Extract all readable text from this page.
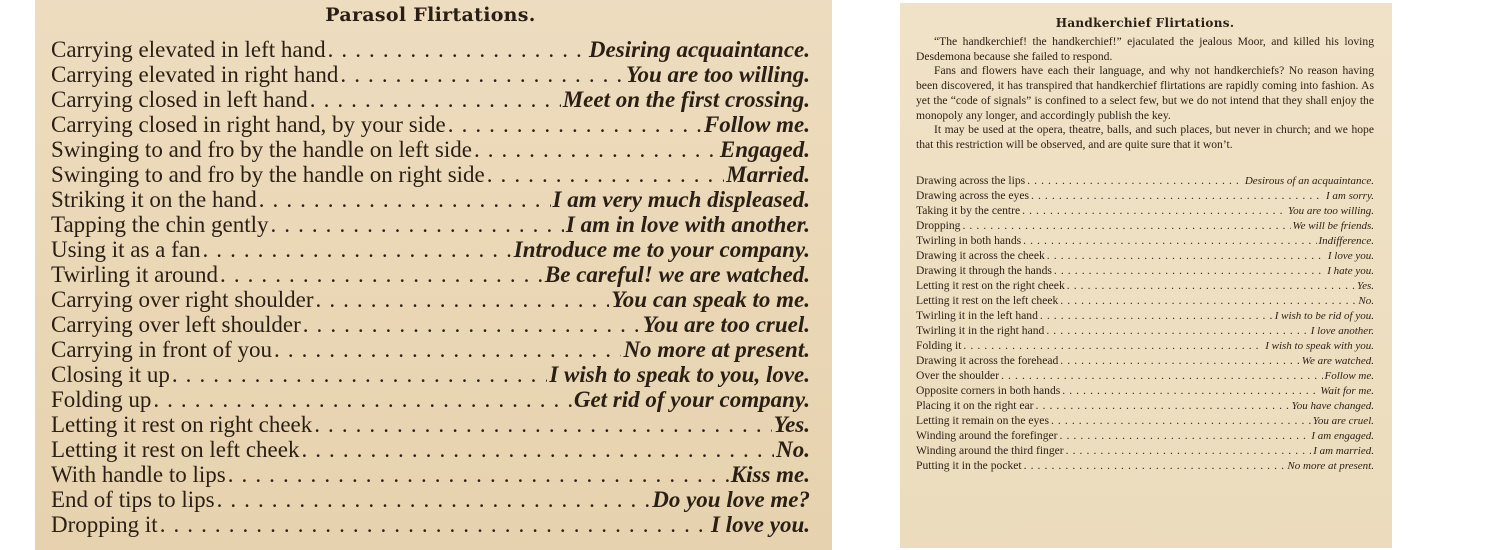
Parasol Flirtations.
Carrying elevated in left hand .....	Desiring acquaintance.
Carrying elevated in right hand .....	You are too willing.
Carrying closed in left hand .....	Meet on the first crossing.
Carrying closed in right hand, by your side .....	Follow me.
Swinging to and fro by the handle on left side .....	Engaged.
Swinging to and fro by the handle on right side .....	Married.
Striking it on the hand .....	I am very much displeased.
Tapping the chin gently .....	I am in love with another.
Using it as a fan .....	Introduce me to your company.
Twirling it around .....	Be careful! we are watched.
Carrying over right shoulder .....	You can speak to me.
Carrying over left shoulder .....	You are too cruel.
Carrying in front of you .....	No more at present.
Closing it up .....	I wish to speak to you, love.
Folding up .....	Get rid of your company.
Letting it rest on right cheek .....	Yes.
Letting it rest on left cheek .....	No.
With handle to lips .....	Kiss me.
End of tips to lips .....	Do you love me?
Dropping it .....	I love you.
Handkerchief Flirtations.

“The handkerchief! the handkerchief!” ejaculated the jealous Moor, and killed his loving Desdemona because she failed to respond.

Fans and flowers have each their language, and why not handkerchiefs? No reason having been discovered, it has transpired that handkerchief flirtations are rapidly coming into fashion. As yet the “code of signals” is confined to a select few, but we do not intend that they shall enjoy the monopoly any longer, and accordingly publish the key.

It may be used at the opera, theatre, balls, and such places, but never in church; and we hope that this restriction will be observed, and are quite sure that it won’t.

Drawing across the lips .....	Desirous of an acquaintance.
Drawing across the eyes .....	I am sorry.
Taking it by the centre .....	You are too willing.
Dropping .....	We will be friends.
Twirling in both hands .....	Indifference.
Drawing it across the cheek .....	I love you.
Drawing it through the hands .....	I hate you.
Letting it rest on the right cheek .....	Yes.
Letting it rest on the left cheek .....	No.
Twirling it in the left hand .....	I wish to be rid of you.
Twirling it in the right hand .....	I love another.
Folding it .....	I wish to speak with you.
Drawing it across the forehead .....	We are watched.
Over the shoulder .....	Follow me.
Opposite corners in both hands .....	Wait for me.
Placing it on the right ear .....	You have changed.
Letting it remain on the eyes .....	You are cruel.
Winding around the forefinger .....	I am engaged.
Winding around the third finger .....	I am married.
Putting it in the pocket .....	No more at present.
